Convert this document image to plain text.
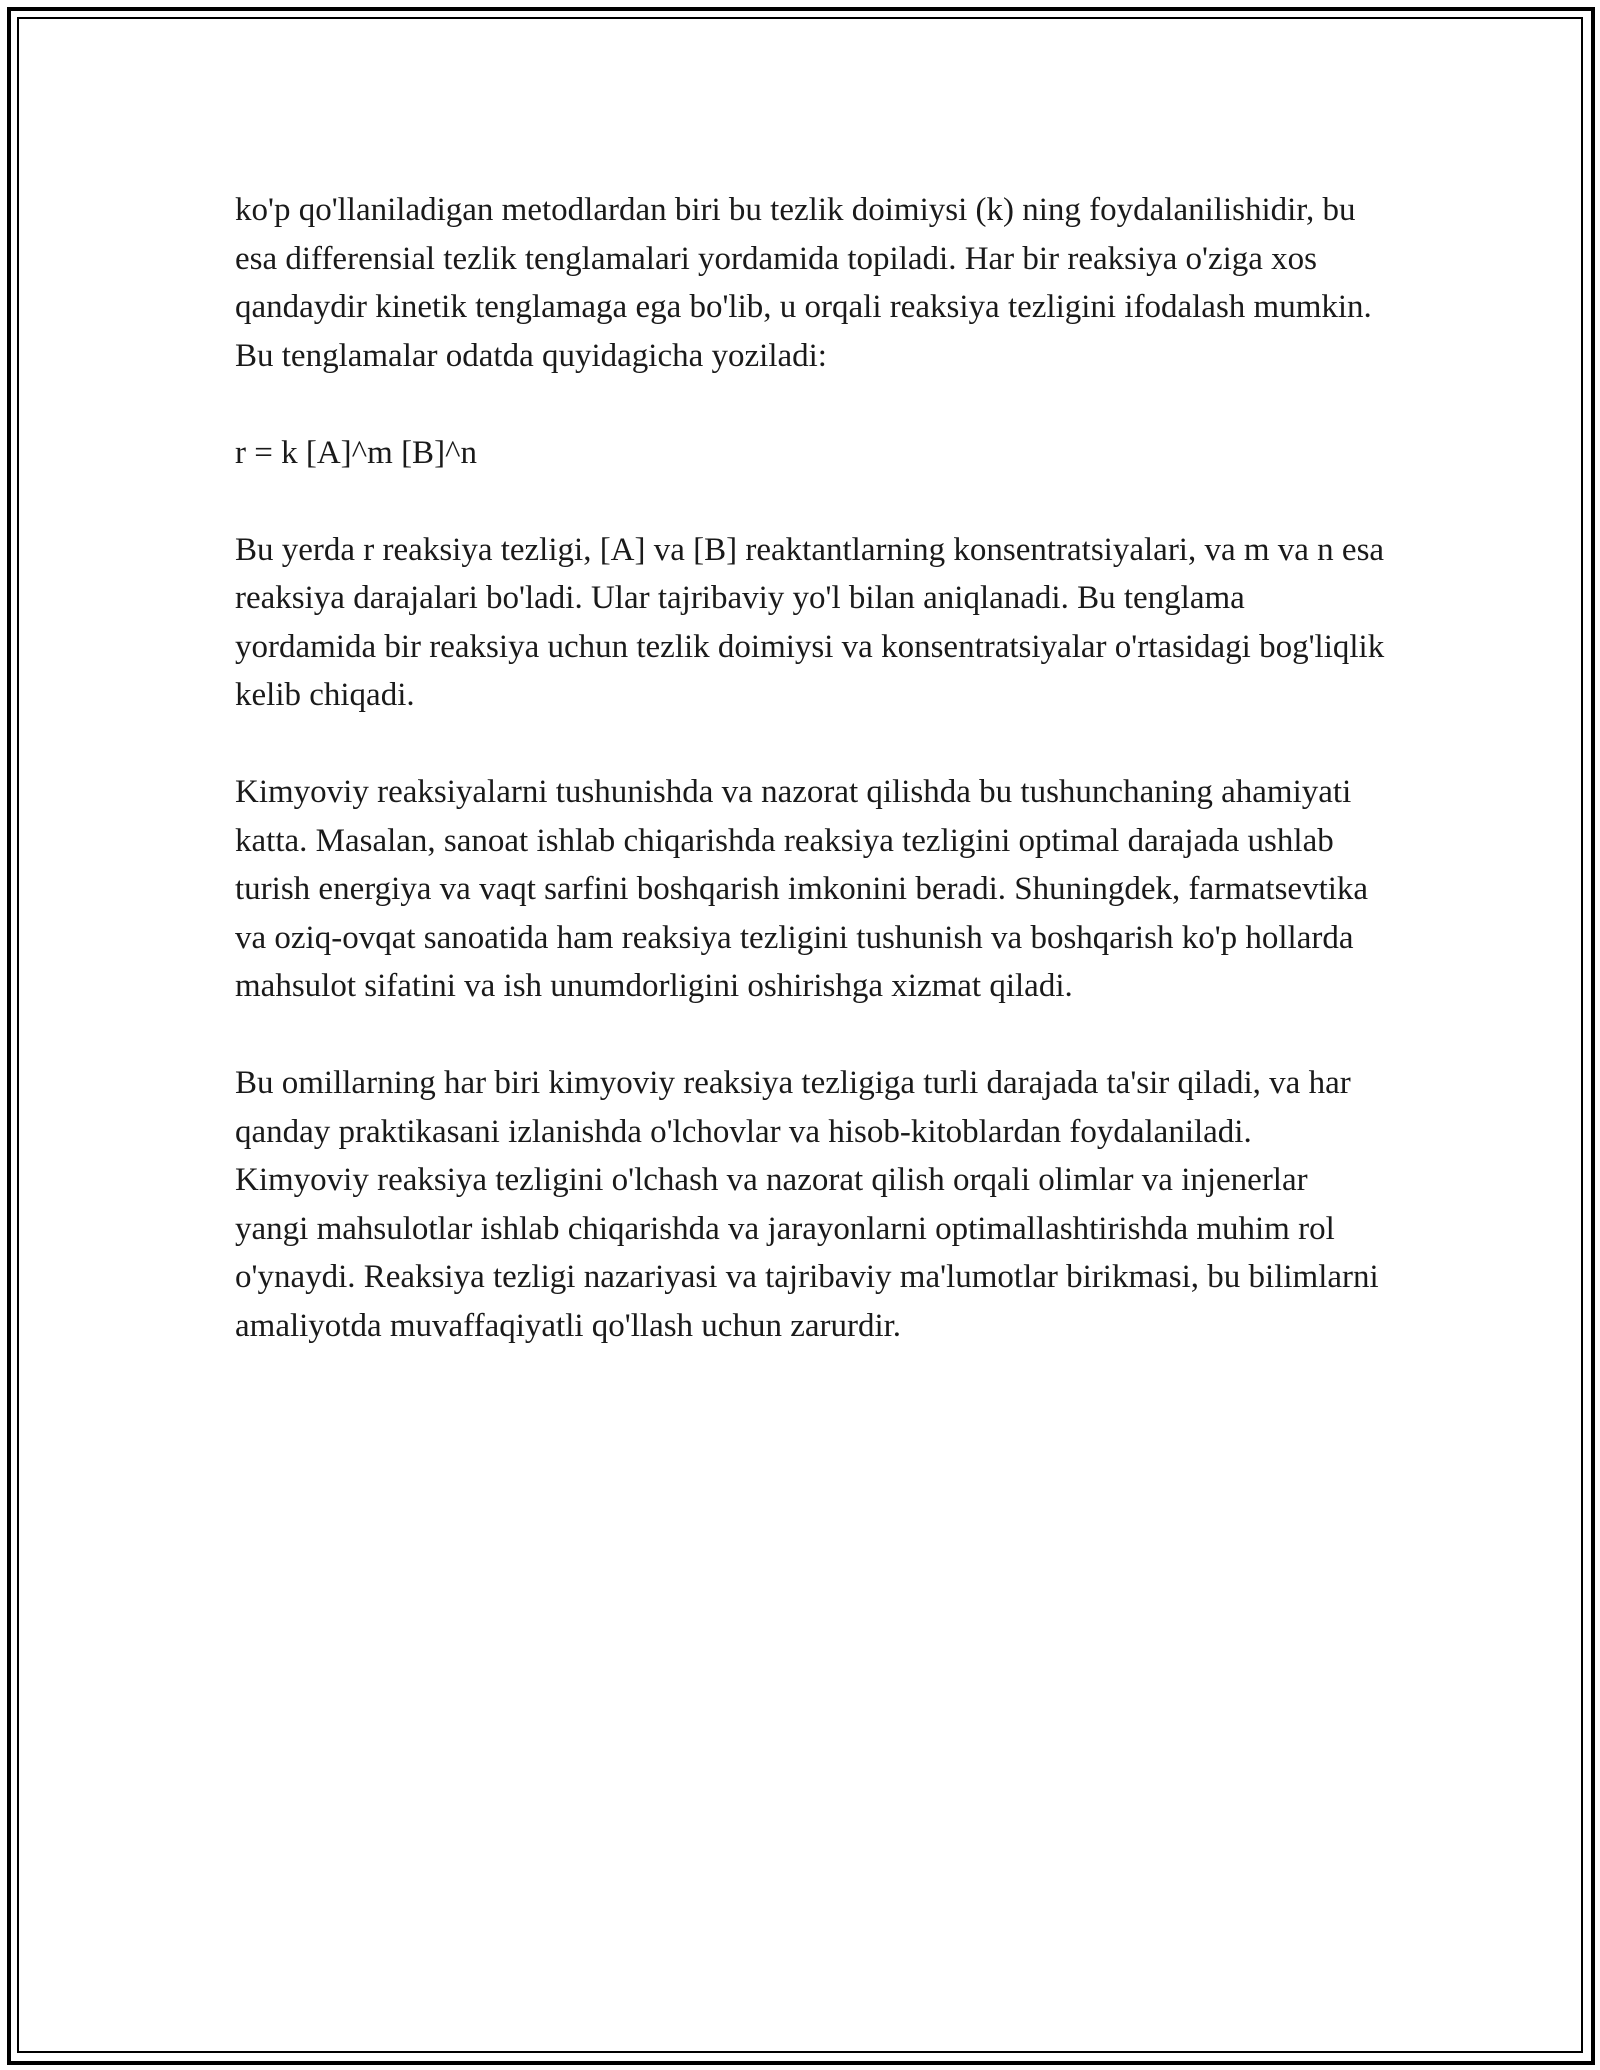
ko'p qo'llaniladigan metodlardan biri bu tezlik doimiysi (k) ning foydalanilishidir, bu esa differensial tezlik tenglamalari yordamida topiladi. Har bir reaksiya o'ziga xos qandaydir kinetik tenglamaga ega bo'lib, u orqali reaksiya tezligini ifodalash mumkin. Bu tenglamalar odatda quyidagicha yoziladi:

r = k [A]^m [B]^n

Bu yerda r reaksiya tezligi, [A] va [B] reaktantlarning konsentratsiyalari, va m va n esa reaksiya darajalari bo'ladi. Ular tajribaviy yo'l bilan aniqlanadi. Bu tenglama yordamida bir reaksiya uchun tezlik doimiysi va konsentratsiyalar o'rtasidagi bog'liqlik kelib chiqadi.

Kimyoviy reaksiyalarni tushunishda va nazorat qilishda bu tushunchaning ahamiyati katta. Masalan, sanoat ishlab chiqarishda reaksiya tezligini optimal darajada ushlab turish energiya va vaqt sarfini boshqarish imkonini beradi. Shuningdek, farmatsevtika va oziq-ovqat sanoatida ham reaksiya tezligini tushunish va boshqarish ko'p hollarda mahsulot sifatini va ish unumdorligini oshirishga xizmat qiladi.

Bu omillarning har biri kimyoviy reaksiya tezligiga turli darajada ta'sir qiladi, va har qanday praktikasani izlanishda o'lchovlar va hisob-kitoblardan foydalaniladi. Kimyoviy reaksiya tezligini o'lchash va nazorat qilish orqali olimlar va injenerlar yangi mahsulotlar ishlab chiqarishda va jarayonlarni optimallashtirishda muhim rol o'ynaydi. Reaksiya tezligi nazariyasi va tajribaviy ma'lumotlar birikmasi, bu bilimlarni amaliyotda muvaffaqiyatli qo'llash uchun zarurdir.
